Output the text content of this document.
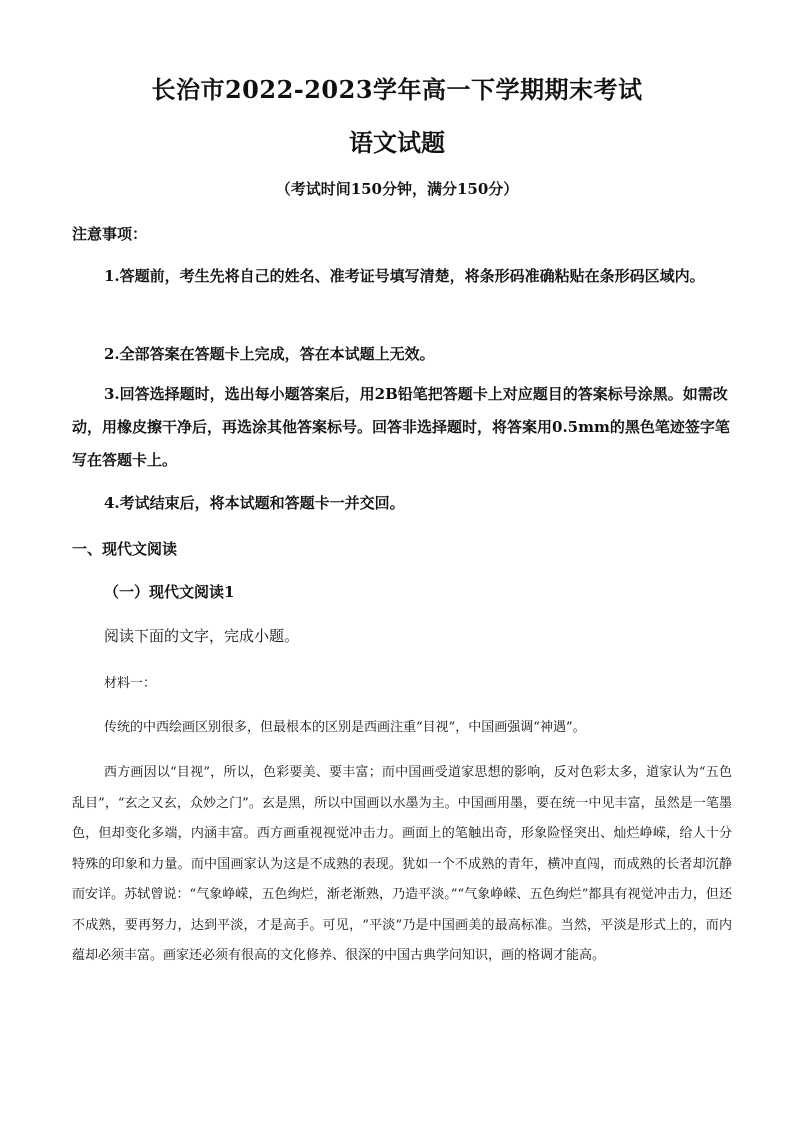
长治市2022-2023学年高一下学期期末考试
语文试题
（考试时间150分钟，满分150分）
注意事项：

1.答题前，考生先将自己的姓名、准考证号填写清楚，将条形码准确粘贴在条形码区域内。

2.全部答案在答题卡上完成，答在本试题上无效。

3.回答选择题时，选出每小题答案后，用2B铅笔把答题卡上对应题目的答案标号涂黑。如需改动，用橡皮擦干净后，再选涂其他答案标号。回答非选择题时，将答案用0.5mm的黑色笔迹签字笔写在答题卡上。

4.考试结束后，将本试题和答题卡一并交回。

一、现代文阅读
（一）现代文阅读1
阅读下面的文字，完成小题。
材料一：
传统的中西绘画区别很多，但最根本的区别是西画注重“目视”，中国画强调“神遇”。

西方画因以“目视”，所以，色彩要美、要丰富；而中国画受道家思想的影响，反对色彩太多，道家认为“五色乱目”，“玄之又玄，众妙之门”。玄是黑，所以中国画以水墨为主。中国画用墨，要在统一中见丰富，虽然是一笔墨色，但却变化多端，内涵丰富。西方画重视视觉冲击力。画面上的笔触出奇，形象险怪突出、灿烂峥嵘，给人十分特殊的印象和力量。而中国画家认为这是不成熟的表现。犹如一个不成熟的青年，横冲直闯，而成熟的长者却沉静而安详。苏轼曾说：“气象峥嵘，五色绚烂，渐老渐熟，乃造平淡。”“气象峥嵘、五色绚烂”都具有视觉冲击力，但还不成熟，要再努力，达到平淡，才是高手。可见，“平淡”乃是中国画美的最高标准。当然，平淡是形式上的，而内蕴却必须丰富。画家还必须有很高的文化修养、很深的中国古典学问知识，画的格调才能高。
